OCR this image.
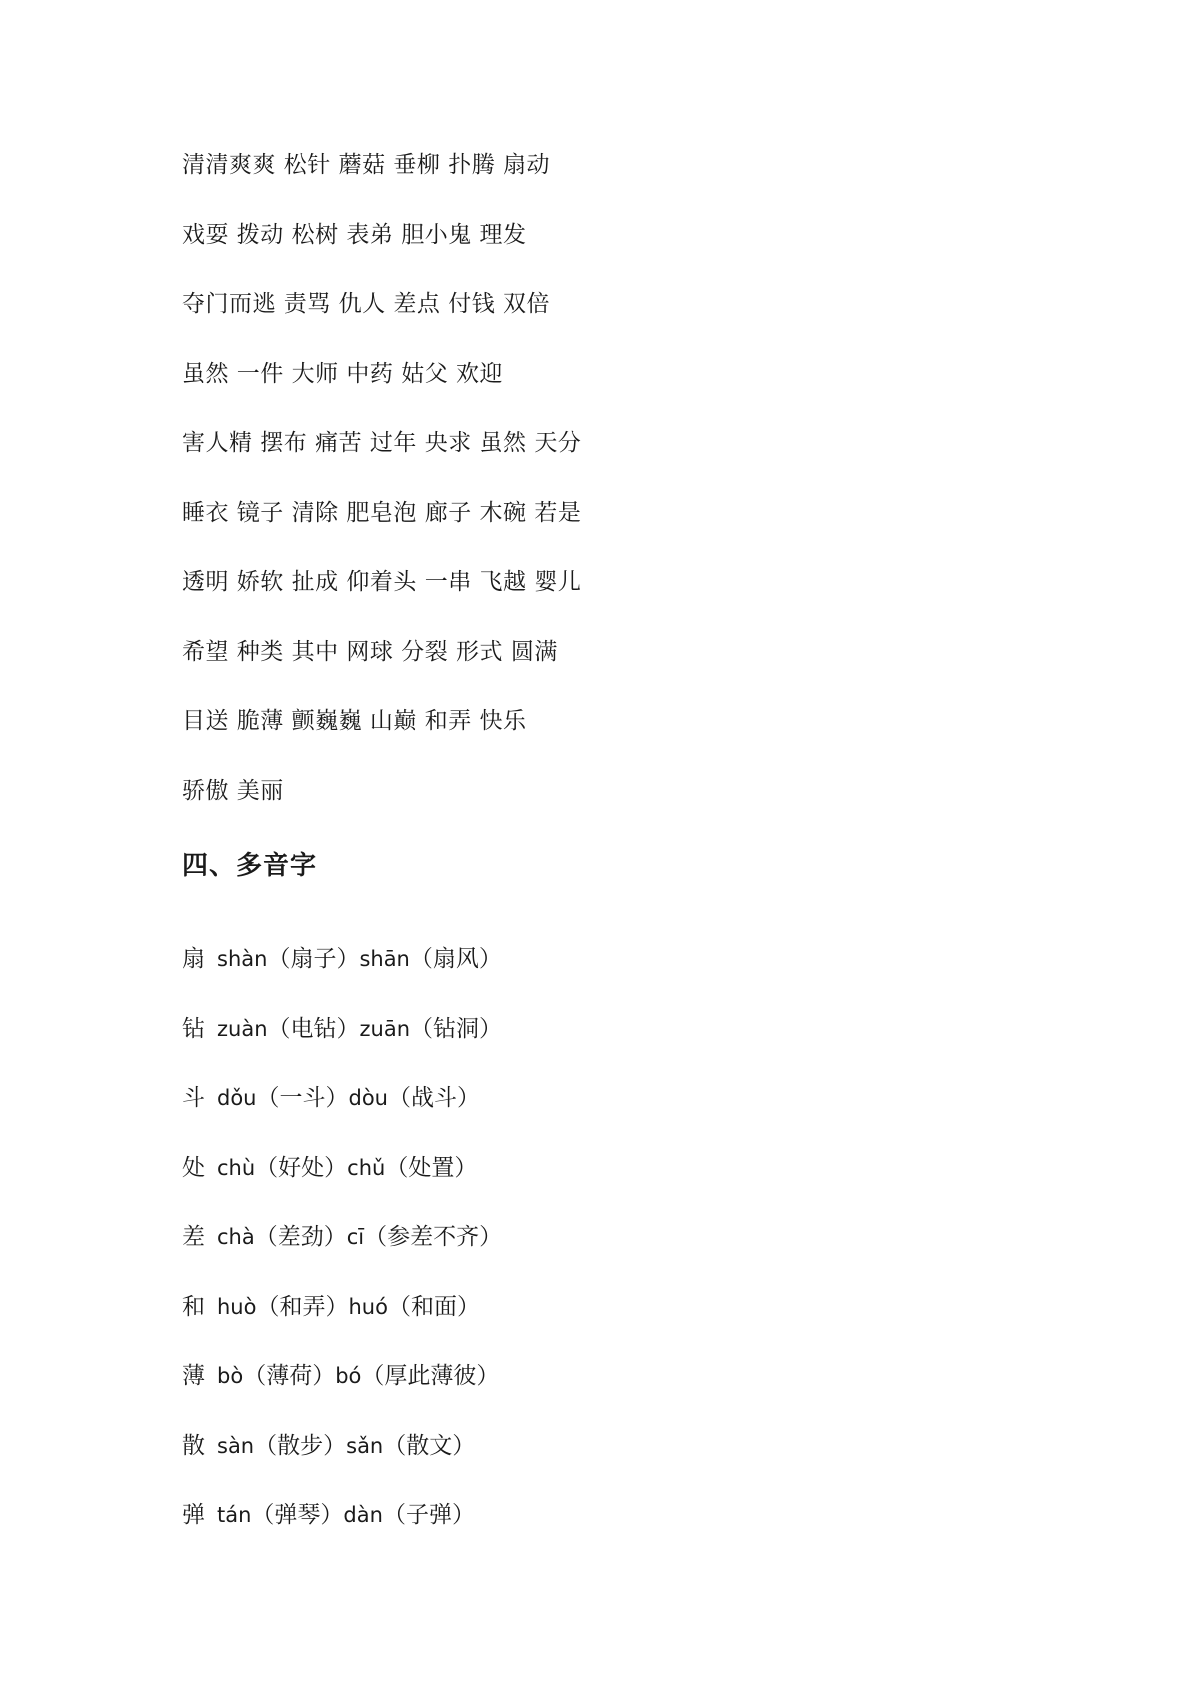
清清爽爽 松针 蘑菇 垂柳 扑腾 扇动
戏耍 拨动 松树 表弟 胆小鬼 理发
夺门而逃 责骂 仇人 差点 付钱 双倍
虽然 一件 大师 中药 姑父 欢迎
害人精 摆布 痛苦 过年 央求 虽然 天分
睡衣 镜子 清除 肥皂泡 廊子 木碗 若是
透明 娇软 扯成 仰着头 一串 飞越 婴儿
希望 种类 其中 网球 分裂 形式 圆满
目送 脆薄 颤巍巍 山巅 和弄 快乐
骄傲 美丽
四、多音字
扇 shàn（扇子）shān（扇风）
钻 zuàn（电钻）zuān（钻洞）
斗 dǒu（一斗）dòu（战斗）
处 chù（好处）chǔ（处置）
差 chà（差劲）cī（参差不齐）
和 huò（和弄）huó（和面）
薄 bò（薄荷）bó（厚此薄彼）
散 sàn（散步）sǎn（散文）
弹 tán（弹琴）dàn（子弹）
